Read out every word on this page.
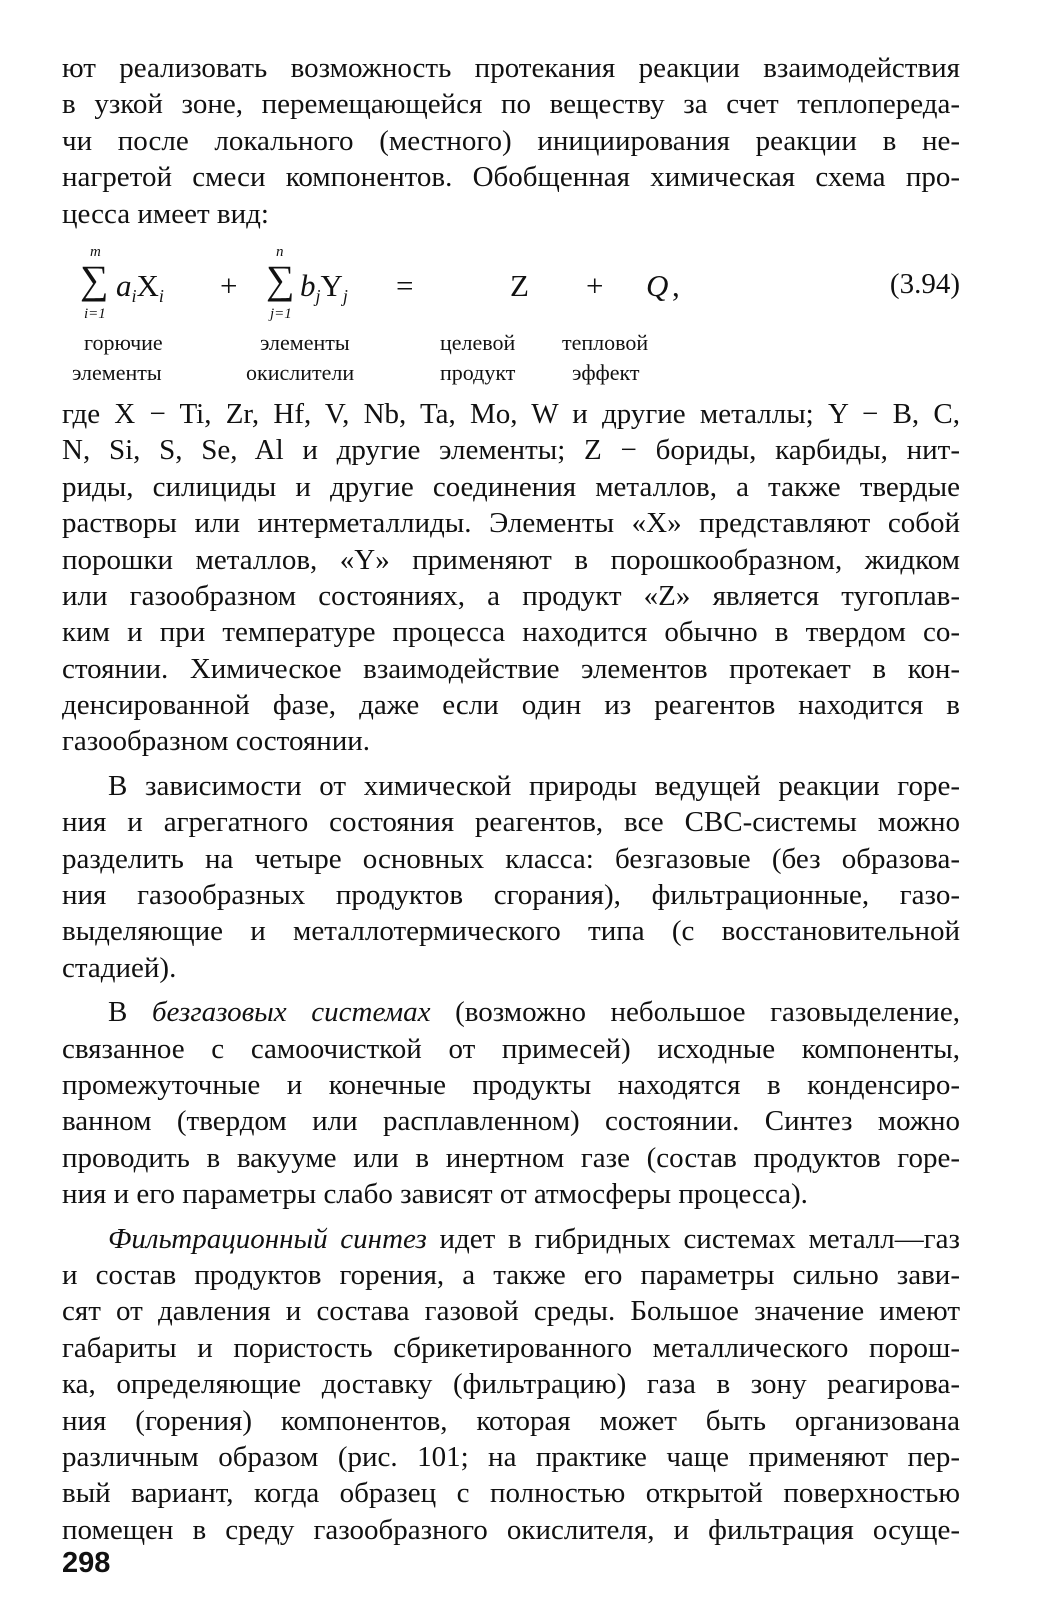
ют реализовать возможность протекания реакции взаимодействия
в узкой зоне, перемещающейся по веществу за счет теплопереда-
чи после локального (местного) инициирования реакции в не-
нагретой смеси компонентов. Обобщенная химическая схема про-
цесса имеет вид:
m
∑
i=1
$a_iX_i$ +
n
∑
j=1
$b_jY_j$ =	Z + Q ,	(3.94)
горючие
элементы
элементы
окислители
целевой
продукт
тепловой
эффект
где X − Ti, Zr, Hf, V, Nb, Ta, Mo, W и другие металлы; Y − B, C,
N, Si, S, Se, Al и другие элементы; Z − бориды, карбиды, нит-
риды, силициды и другие соединения металлов, а также твердые
растворы или интерметаллиды. Элементы «X» представляют собой
порошки металлов, «Y» применяют в порошкообразном, жидком
или газообразном состояниях, а продукт «Z» является тугоплав-
ким и при температуре процесса находится обычно в твердом со-
стоянии. Химическое взаимодействие элементов протекает в кон-
денсированной фазе, даже если один из реагентов находится в
газообразном состоянии.
В зависимости от химической природы ведущей реакции горе-
ния и агрегатного состояния реагентов, все СВС-системы можно
разделить на четыре основных класса: безгазовые (без образова-
ния газообразных продуктов сгорания), фильтрационные, газо-
выделяющие и металлотермического типа (с восстановительной
стадией).
В безгазовых системах (возможно небольшое газовыделение,
связанное с самоочисткой от примесей) исходные компоненты,
промежуточные и конечные продукты находятся в конденсиро-
ванном (твердом или расплавленном) состоянии. Синтез можно
проводить в вакууме или в инертном газе (состав продуктов горе-
ния и его параметры слабо зависят от атмосферы процесса).
Фильтрационный синтез идет в гибридных системах металл—газ
и состав продуктов горения, а также его параметры сильно зави-
сят от давления и состава газовой среды. Большое значение имеют
габариты и пористость сбрикетированного металлического порош-
ка, определяющие доставку (фильтрацию) газа в зону реагирова-
ния (горения) компонентов, которая может быть организована
различным образом (рис. 101; на практике чаще применяют пер-
вый вариант, когда образец с полностью открытой поверхностью
помещен в среду газообразного окислителя, и фильтрация осуще-
298
